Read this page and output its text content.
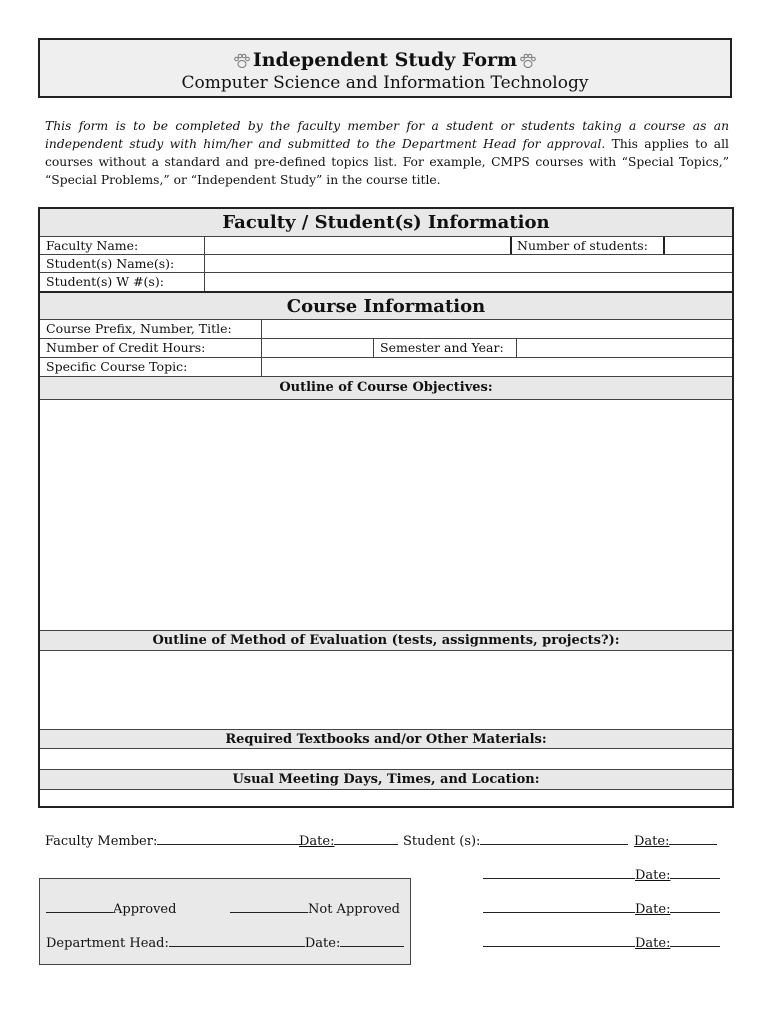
Independent Study Form
Computer Science and Information Technology
This form is to be completed by the faculty member for a student or students taking a course as an independent study with him/her and submitted to the Department Head for approval. This applies to all courses without a standard and pre-defined topics list. For example, CMPS courses with “Special Topics,” “Special Problems,” or “Independent Study” in the course title.
Faculty / Student(s) Information
Faculty Name:	Number of students:
Student(s) Name(s):
Student(s) W #(s):
Course Information
Course Prefix, Number, Title:
Number of Credit Hours:	Semester and Year:
Specific Course Topic:
Outline of Course Objectives:
Outline of Method of Evaluation (tests, assignments, projects?):
Required Textbooks and/or Other Materials:
Usual Meeting Days, Times, and Location:
Faculty Member:	Date:	Student (s):	Date:
Date:
Date:
Date:
Approved	Not Approved
Department Head:	Date:
